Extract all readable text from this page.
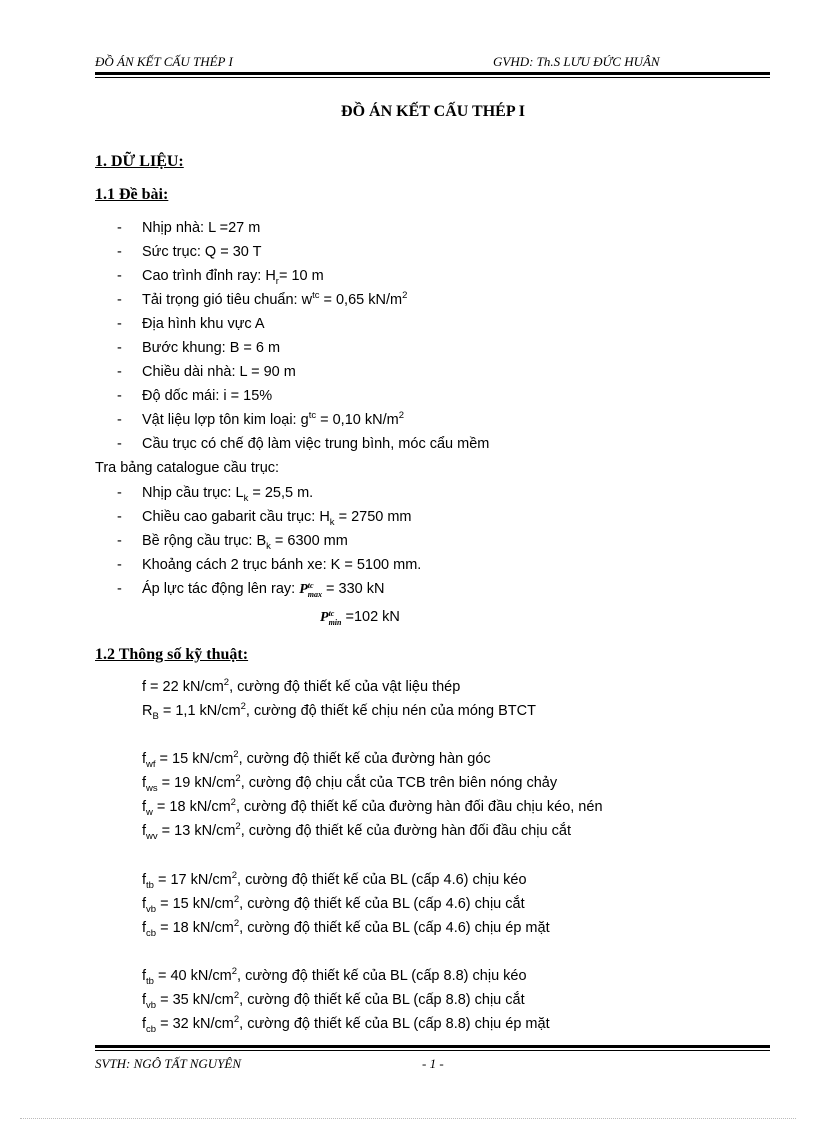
ĐỒ ÁN KẾT CẤU THÉP I	GVHD: Th.S LƯU ĐỨC HUÂN
ĐỒ ÁN KẾT CẤU THÉP I
1. DỮ LIỆU:
1.1 Đề bài:
- Nhịp nhà: L =27 m
- Sức trục: Q = 30 T
- Cao trình đỉnh ray: $H_r= 10$ m
- Tải trọng gió tiêu chuẩn: $w^{tc} = 0,65$ $kN/m^2$
- Địa hình khu vực A
- Bước khung: B = 6 m
- Chiều dài nhà: L = 90 m
- Độ dốc mái: i = 15%
- Vật liệu lợp tôn kim loại: $g^{tc} = 0,10$ $kN/m^2$
- Cầu trục có chế độ làm việc trung bình, móc cẩu mềm
Tra bảng catalogue cầu trục:
- Nhịp cầu trục: $L_k = 25,5$ m.
- Chiều cao gabarit cầu trục: $H_k = 2750$ mm
- Bề rộng cầu trục: $B_k = 6300$ mm
- Khoảng cách 2 trục bánh xe: K = 5100 mm.
- Áp lực tác động lên ray: P tc
max = 330 kN
P tc
min =102 kN
1.2 Thông số kỹ thuật:
f = 22 $kN/cm^2$, cường độ thiết kế của vật liệu thép
$R_B = 1,1$ $kN/cm^2$, cường độ thiết kế chịu nén của móng BTCT
$f_{wf} = 15$ $kN/cm^2$, cường độ thiết kế của đường hàn góc
$f_{ws} = 19$ $kN/cm^2$, cường độ chịu cắt của TCB trên biên nóng chảy
$f_w = 18$ $kN/cm^2$, cường độ thiết kế của đường hàn đối đầu chịu kéo, nén
$f_{wv} = 13$ $kN/cm^2$, cường độ thiết kế của đường hàn đối đầu chịu cắt
$f_{tb} = 17$ $kN/cm^2$, cường độ thiết kế của BL (cấp 4.6) chịu kéo
$f_{vb} = 15$ $kN/cm^2$, cường độ thiết kế của BL (cấp 4.6) chịu cắt
$f_{cb} = 18$ $kN/cm^2$, cường độ thiết kế của BL (cấp 4.6) chịu ép mặt
$f_{tb} = 40$ $kN/cm^2$, cường độ thiết kế của BL (cấp 8.8) chịu kéo
$f_{vb} = 35$ $kN/cm^2$, cường độ thiết kế của BL (cấp 8.8) chịu cắt
$f_{cb} = 32$ $kN/cm^2$, cường độ thiết kế của BL (cấp 8.8) chịu ép mặt
SVTH: NGÔ TẤT NGUYÊN	- 1 -
